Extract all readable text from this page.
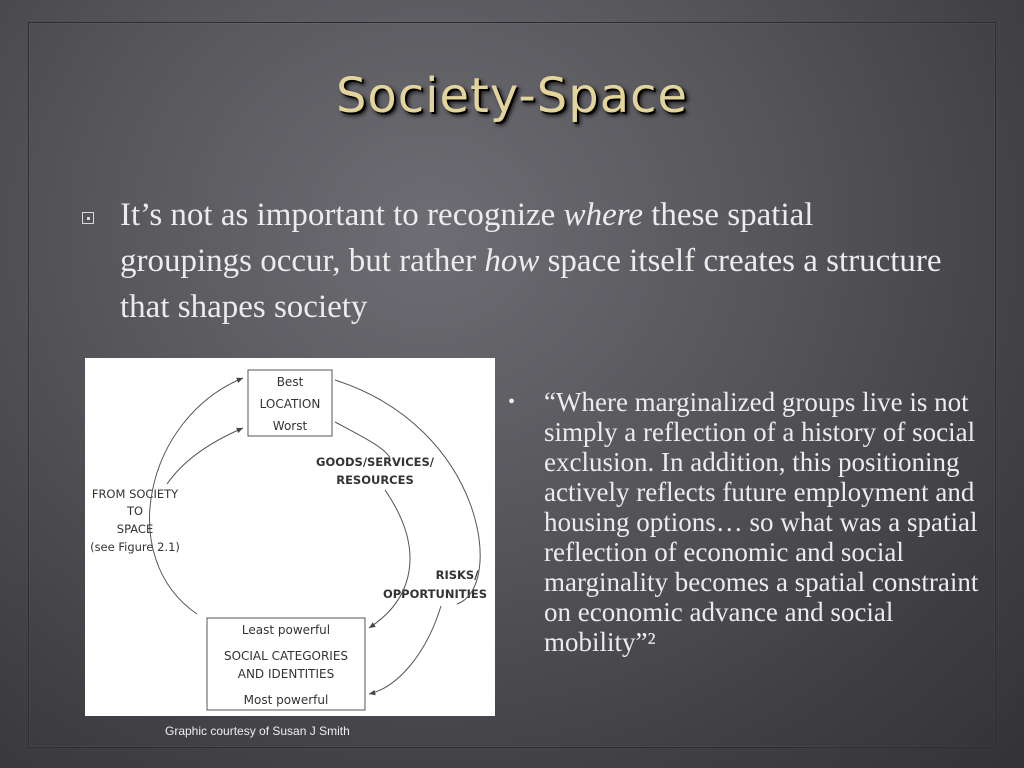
Society-Space
It’s not as important to recognize where these spatial groupings occur, but rather how space itself creates a structure that shapes society
Best
LOCATION
Worst
Least powerful
SOCIAL CATEGORIES
AND IDENTITIES
Most powerful
GOODS/SERVICES/
RESOURCES
RISKS/
OPPORTUNITIES
FROM SOCIETY
TO
SPACE
(see Figure 2.1)
Graphic courtesy of Susan J Smith
•	“Where marginalized groups live is not simply a reflection of a history of social exclusion. In addition, this positioning actively reflects future employment and housing options… so what was a spatial reflection of economic and social marginality becomes a spatial constraint on economic advance and social mobility”²
